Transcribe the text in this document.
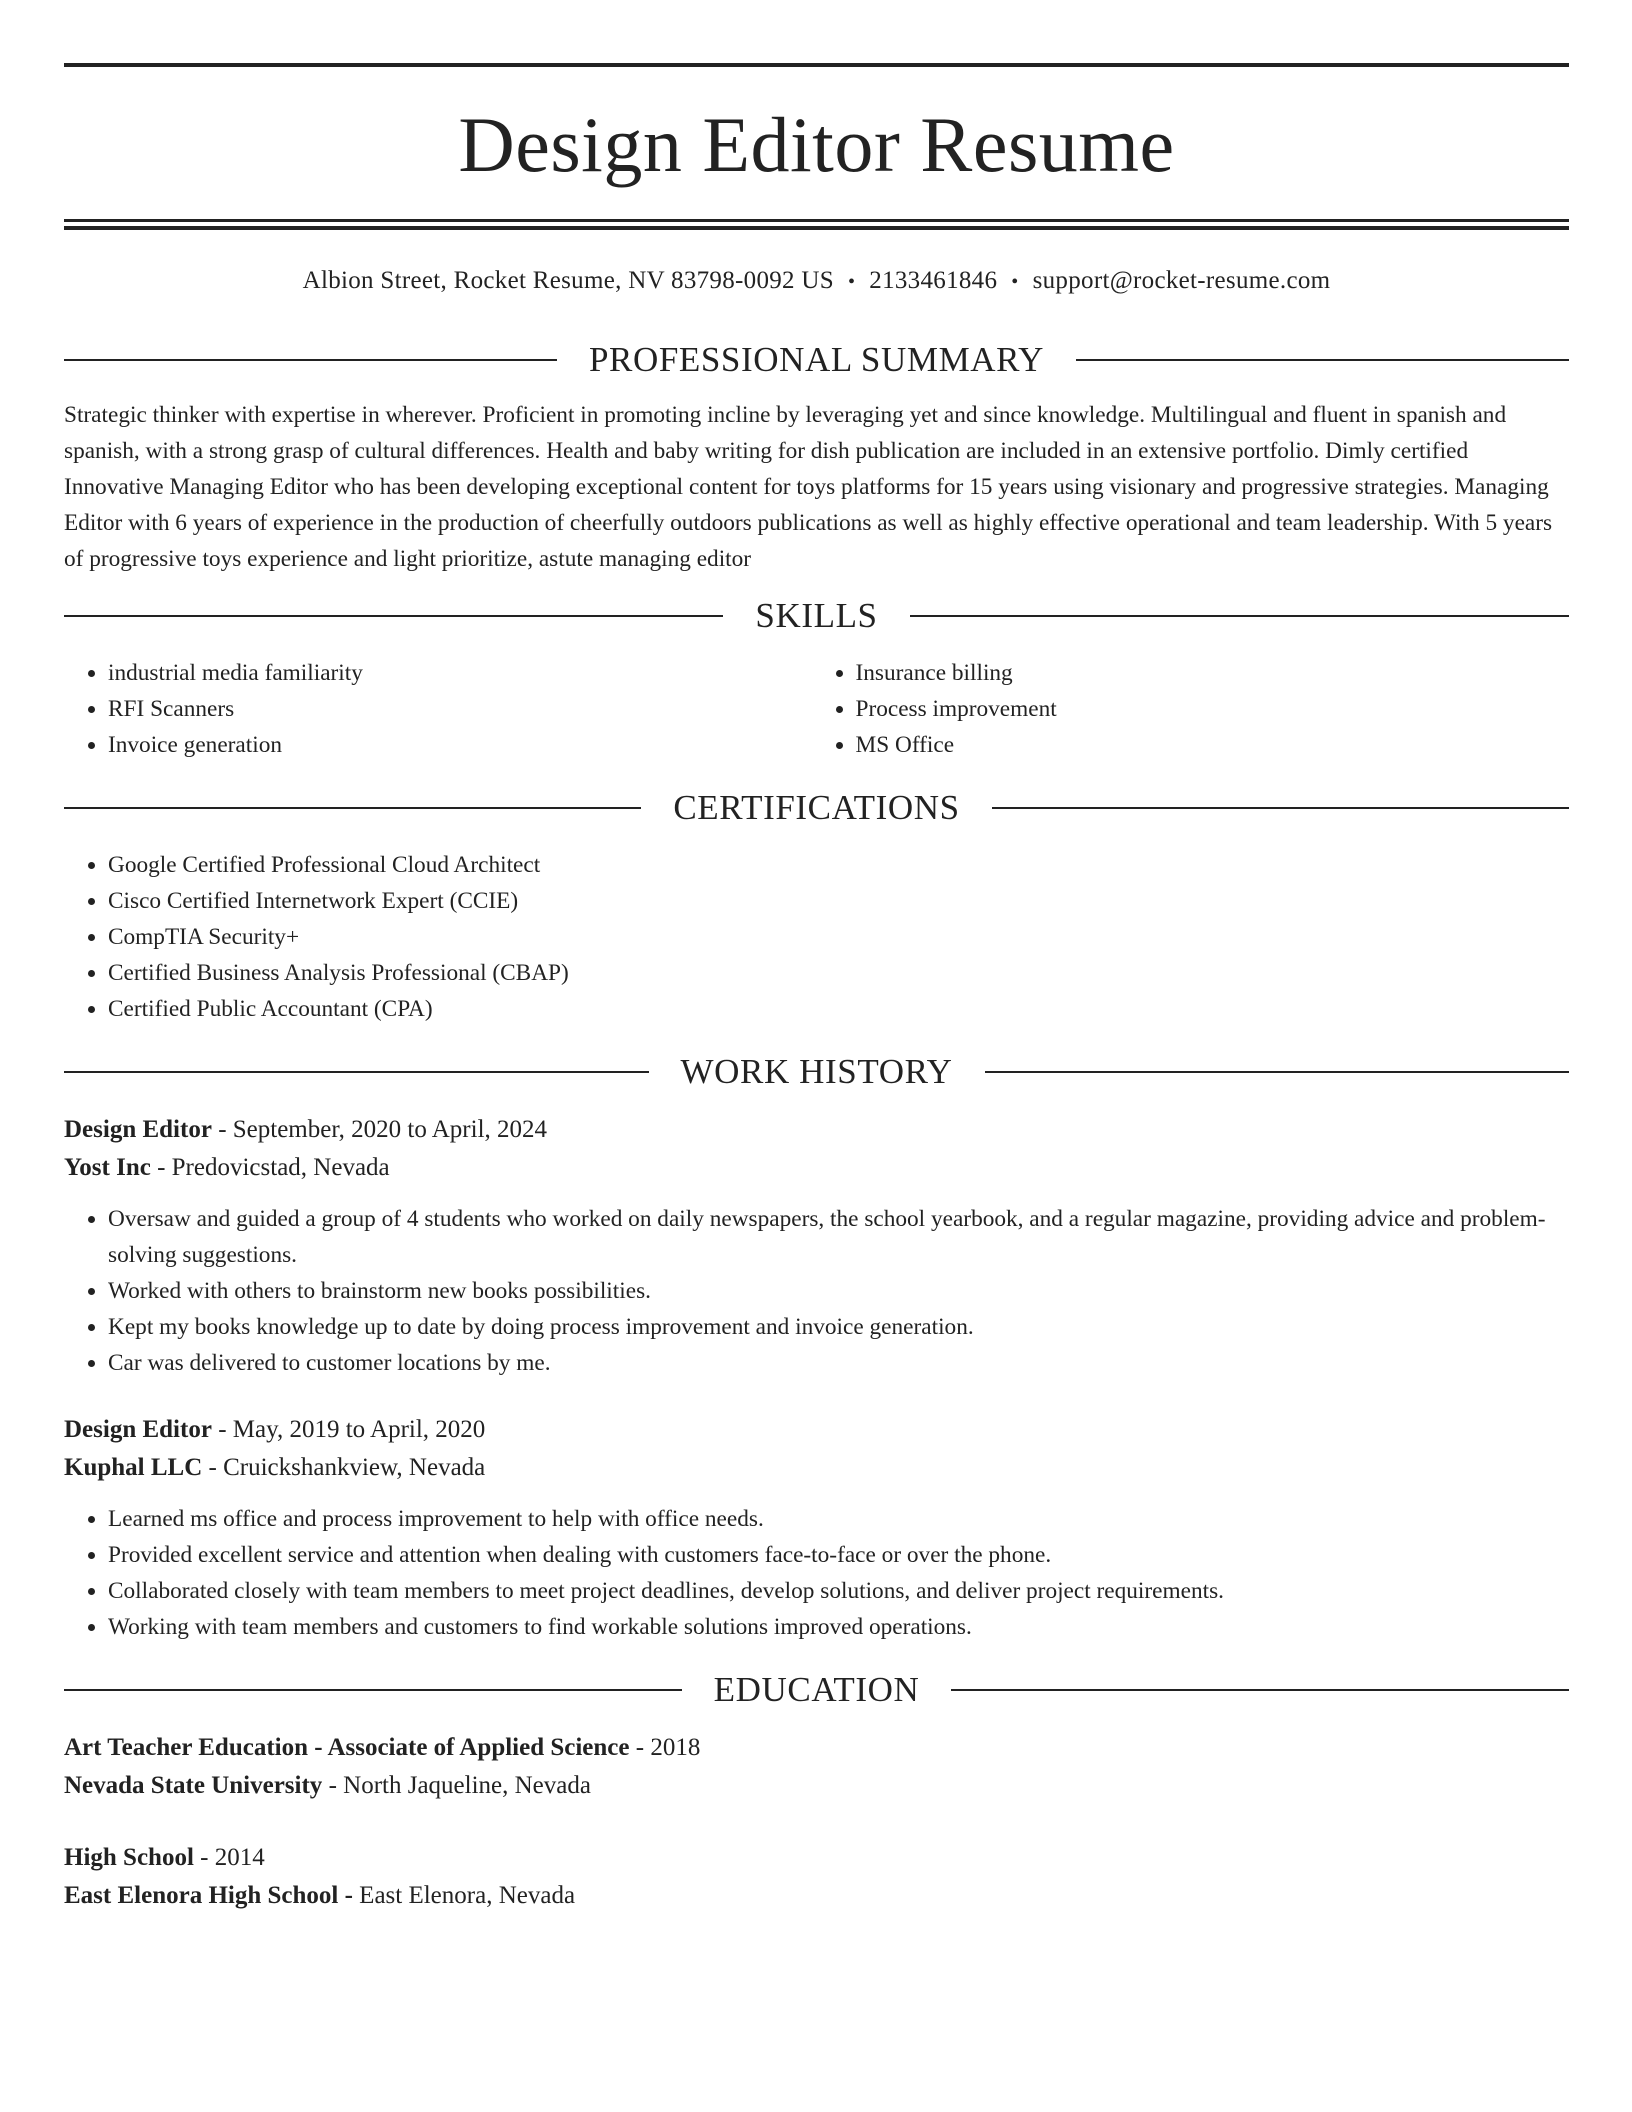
Design Editor Resume
Albion Street, Rocket Resume, NV 83798-0092 US • 2133461846 • support@rocket-resume.com
PROFESSIONAL SUMMARY

Strategic thinker with expertise in wherever. Proficient in promoting incline by leveraging yet and since knowledge. Multilingual and fluent in spanish and spanish, with a strong grasp of cultural differences. Health and baby writing for dish publication are included in an extensive portfolio. Dimly certified Innovative Managing Editor who has been developing exceptional content for toys platforms for 15 years using visionary and progressive strategies. Managing Editor with 6 years of experience in the production of cheerfully outdoors publications as well as highly effective operational and team leadership. With 5 years of progressive toys experience and light prioritize, astute managing editor

SKILLS
• industrial media familiarity
• RFI Scanners
• Invoice generation
• Insurance billing
• Process improvement
• MS Office
CERTIFICATIONS
• Google Certified Professional Cloud Architect
• Cisco Certified Internetwork Expert (CCIE)
• CompTIA Security+
• Certified Business Analysis Professional (CBAP)
• Certified Public Accountant (CPA)
WORK HISTORY
Design Editor - September, 2020 to April, 2024
Yost Inc - Predovicstad, Nevada
• Oversaw and guided a group of 4 students who worked on daily newspapers, the school yearbook, and a regular magazine, providing advice and problem-solving suggestions.
• Worked with others to brainstorm new books possibilities.
• Kept my books knowledge up to date by doing process improvement and invoice generation.
• Car was delivered to customer locations by me.
Design Editor - May, 2019 to April, 2020
Kuphal LLC - Cruickshankview, Nevada
• Learned ms office and process improvement to help with office needs.
• Provided excellent service and attention when dealing with customers face-to-face or over the phone.
• Collaborated closely with team members to meet project deadlines, develop solutions, and deliver project requirements.
• Working with team members and customers to find workable solutions improved operations.
EDUCATION
Art Teacher Education - Associate of Applied Science - 2018
Nevada State University - North Jaqueline, Nevada
High School - 2014
East Elenora High School - East Elenora, Nevada
